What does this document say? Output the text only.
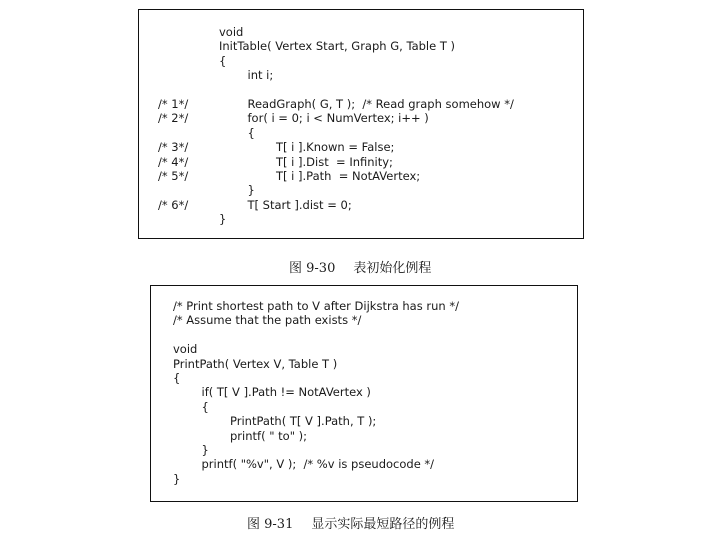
void
InitTable( Vertex Start, Graph G, Table T )
{
int i;
/* 1*/	ReadGraph( G, T );  /* Read graph somehow */
/* 2*/	for( i = 0; i < NumVertex; i++ )
{
/* 3*/	T[ i ].Known = False;
/* 4*/	T[ i ].Dist  = Infinity;
/* 5*/	T[ i ].Path  = NotAVertex;
}
/* 6*/	T[ Start ].dist = 0;
}
图 9-30 表初始化例程
/* Print shortest path to V after Dijkstra has run */
/* Assume that the path exists */
void
PrintPath( Vertex V, Table T )
{
if( T[ V ].Path != NotAVertex )
{
PrintPath( T[ V ].Path, T );
printf( " to" );
}
printf( "%v", V );  /* %v is pseudocode */
}
图 9-31 显示实际最短路径的例程
